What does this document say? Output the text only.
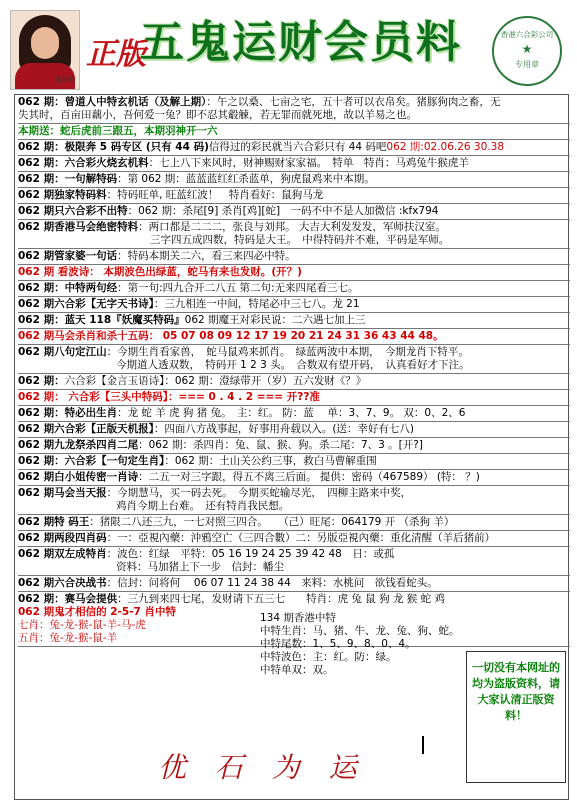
朱雨后
正版
五鬼运财会员料	香港六合彩公司
★
专用章
062 期：曾道人中特玄机话（及解上期）：午之以桑、七亩之宅，五十者可以衣帛矣。猪豚狗肉之畜，无
失其时，百亩田藕小，吾何爱一兔？即不忍其觳觫，若无罪而就死地，故以羊易之也。
本期送：蛇后虎前三跟五，本期羽神开一六
062 期：极限奔 5 码专区 (只有 44 码)信得过的彩民就当六合彩只有 44 码吧062 期:02.06.26 30.38
062 期：六合彩火烧玄机料：七上八下来风时，财神赐财家家福。　特单　特肖：马鸡兔牛猴虎羊
062 期：一句解特码：第 062 期：蓝蓝蓝红红杀蓝单，狗虎鼠鸡来中本期。
062 期独家特码料：特码旺单, 旺蓝红波！　特肖看好：鼠狗马龙
062 期只六合彩不出特：062 期：杀尾[9] 杀肖[鸡][蛇]　一码不中不是人加微信 :kfx794
062 期香港马会绝密特料：两口都是二二二，张良与刘邦。 大吉大利发发发，军师扶汉室。
三字四五成四数，特码是大王。　中得特码并不难，平码是军师。
062 期管家婆一句话：特码本期关二六，看三来四必中特。
062 期 看波诗： 本期波色出绿蓝，蛇马有来也发财。(开？)
062 期：中特两句经：第一句:四九合开二八五 第二句:无来四尾看三七。
062 期六合彩【无字天书诗】：三九相连一中间，特尾必中三七八。龙 21
062 期：蓝天 118『妖魔买特码』062 期魔王对彩民说：二六遇七加上三
062 期马会杀肖和杀十五码： 05 07 08 09 12 17 19 20 21 24 31 36 43 44 48。
062 期八句定江山：今期生肖看家兽，　蛇马鼠鸡来抓肖。　绿蓝两波中本期，　今期龙肖下特平。
今期道人透双数，　特码开 1 2 3 头。　合数双有望开码，　认真看好才下注。
062 期：六合彩【金言玉语诗】：062 期：澄绿带开（岁）五六发财《？》
062 期： 六合彩【三头中特码】：=== 0 . 4 . 2 === 开??准
062 期：特必出生肖：龙 蛇 羊 虎 狗 猪 兔。　主：红。 防：蓝　 单：3、7、9。 双：0、2、6
062 期六合彩【正版天机报】：四面八方战事起，好事用舟载以入。(送：幸好有七八)
062 期九龙祭杀四肖二尾：062 期：杀四肖：兔、鼠、猴、狗。杀二尾：7、3 。[开?]
062 期：六合彩【一句定生肖】：062 期：土山关公约三事，救白马曹解重围
062 期白小姐传密一肖诗：二五一对三字跟，得五不离三后面。 提供：密码（467589） (特： ？)
062 期马会当天报：今期慧马，买一码去死。　今期买蛇输尽光，　四柳主路来中奖，
鸡肖今期上台难。　还有特肖我民想。
062 期特 码王：猪限二八还三九，一七对照三四合。　　（己）旺尾：064179 开 （杀狗 羊）
062 期两段四肖码：一：亞視內藥：沖鴉空亡（三四合數）二：另版亞視內藥：重化清醒（羊后猪前）
062 期双左成特肖：波色：红绿　平特：05 16 19 24 25 39 42 48　日：或孤
资料：马加猪上下一步　信封：幡尘
062 期六合决战书：信封：问将何　 06 07 11 24 38 44　来料：水桃问　欲钱看蛇头。
062 期：赛马会提供：三九到来四七尾，发财请下五三七　　特肖：虎 兔 鼠 狗 龙 猴 蛇 鸡
062 期鬼才相信的 2-5-7 肖中特
七肖：兔-龙-猴-鼠-羊-马-虎
五肖：兔-龙-猴-鼠-羊
134 期香港中特
中特生肖：马、猪、牛、龙、兔、狗、蛇。
中特尾数：1、5、9、8、0、4。
中特波色：主：红。防：绿。
中特单双：双。	一切没有本网址的均为盗版资料，请大家认清正版资料！

优 石 为 运
